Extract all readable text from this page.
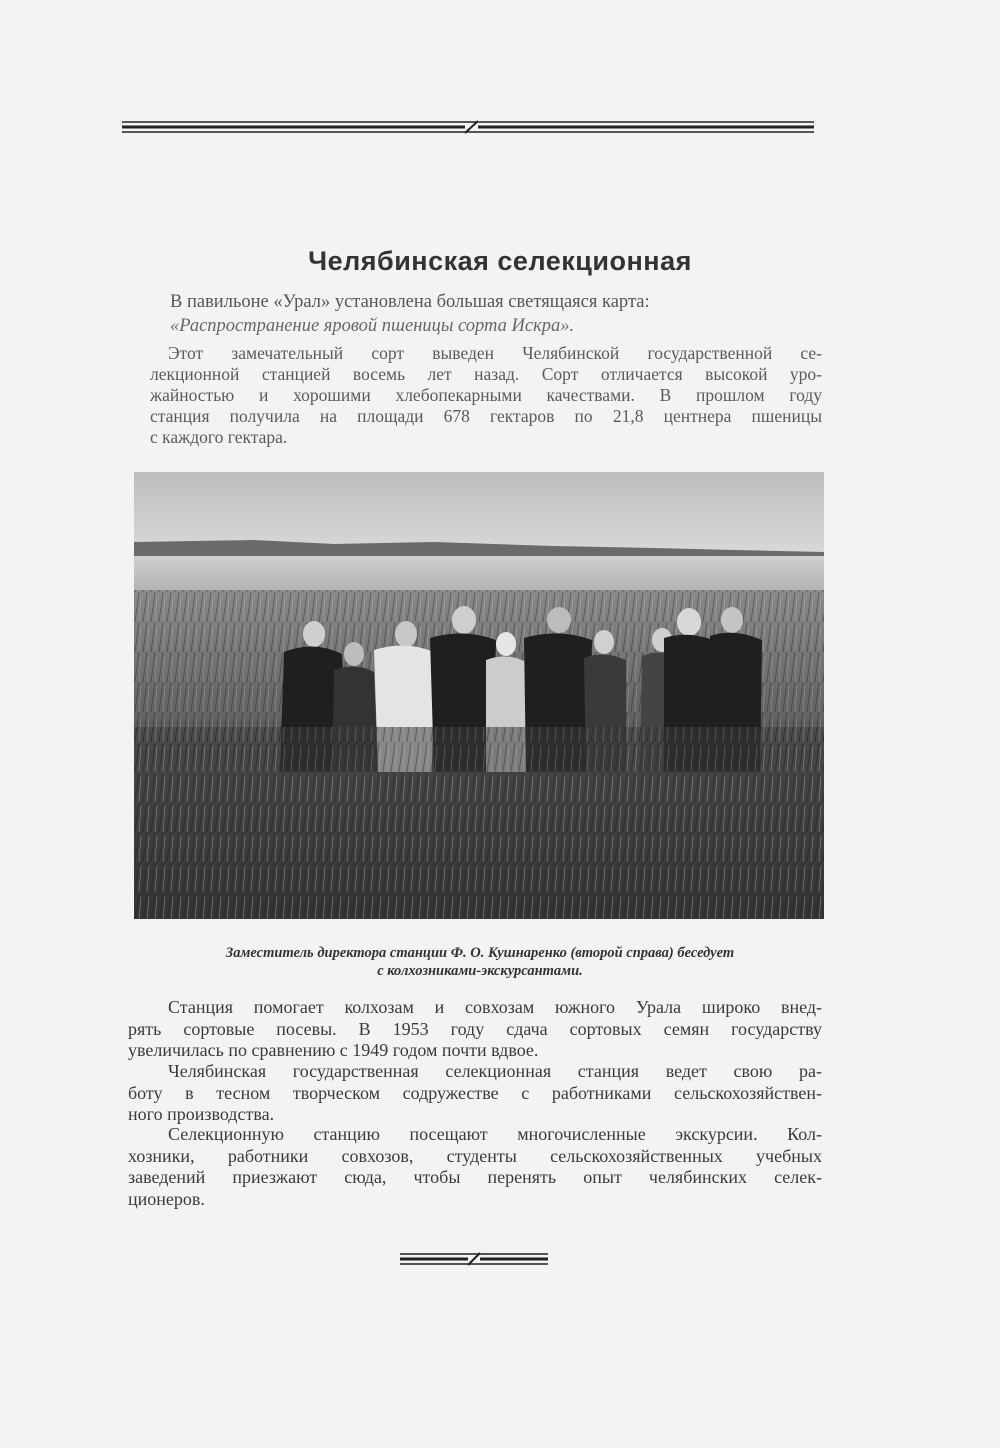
Челябинская селекционная
В павильоне «Урал» установлена большая светящаяся карта:
«Распространение яровой пшеницы сорта Искра».
Этот замечательный сорт выведен Челябинской государственной се-
лекционной станцией восемь лет назад. Сорт отличается высокой уро-
жайностью и хорошими хлебопекарными качествами. В прошлом году
станция получила на площади 678 гектаров по 21,8 центнера пшеницы
с каждого гектара.
Заместитель директора станции Ф. О. Кушнаренко (второй справа) беседует
с колхозниками-экскурсантами.
Станция помогает колхозам и совхозам южного Урала широко внед-
рять сортовые посевы. В 1953 году сдача сортовых семян государству
увеличилась по сравнению с 1949 годом почти вдвое.
Челябинская государственная селекционная станция ведет свою ра-
боту в тесном творческом содружестве с работниками сельскохозяйствен-
ного производства.
Селекционную станцию посещают многочисленные экскурсии. Кол-
хозники, работники совхозов, студенты сельскохозяйственных учебных
заведений приезжают сюда, чтобы перенять опыт челябинских селек-
ционеров.
